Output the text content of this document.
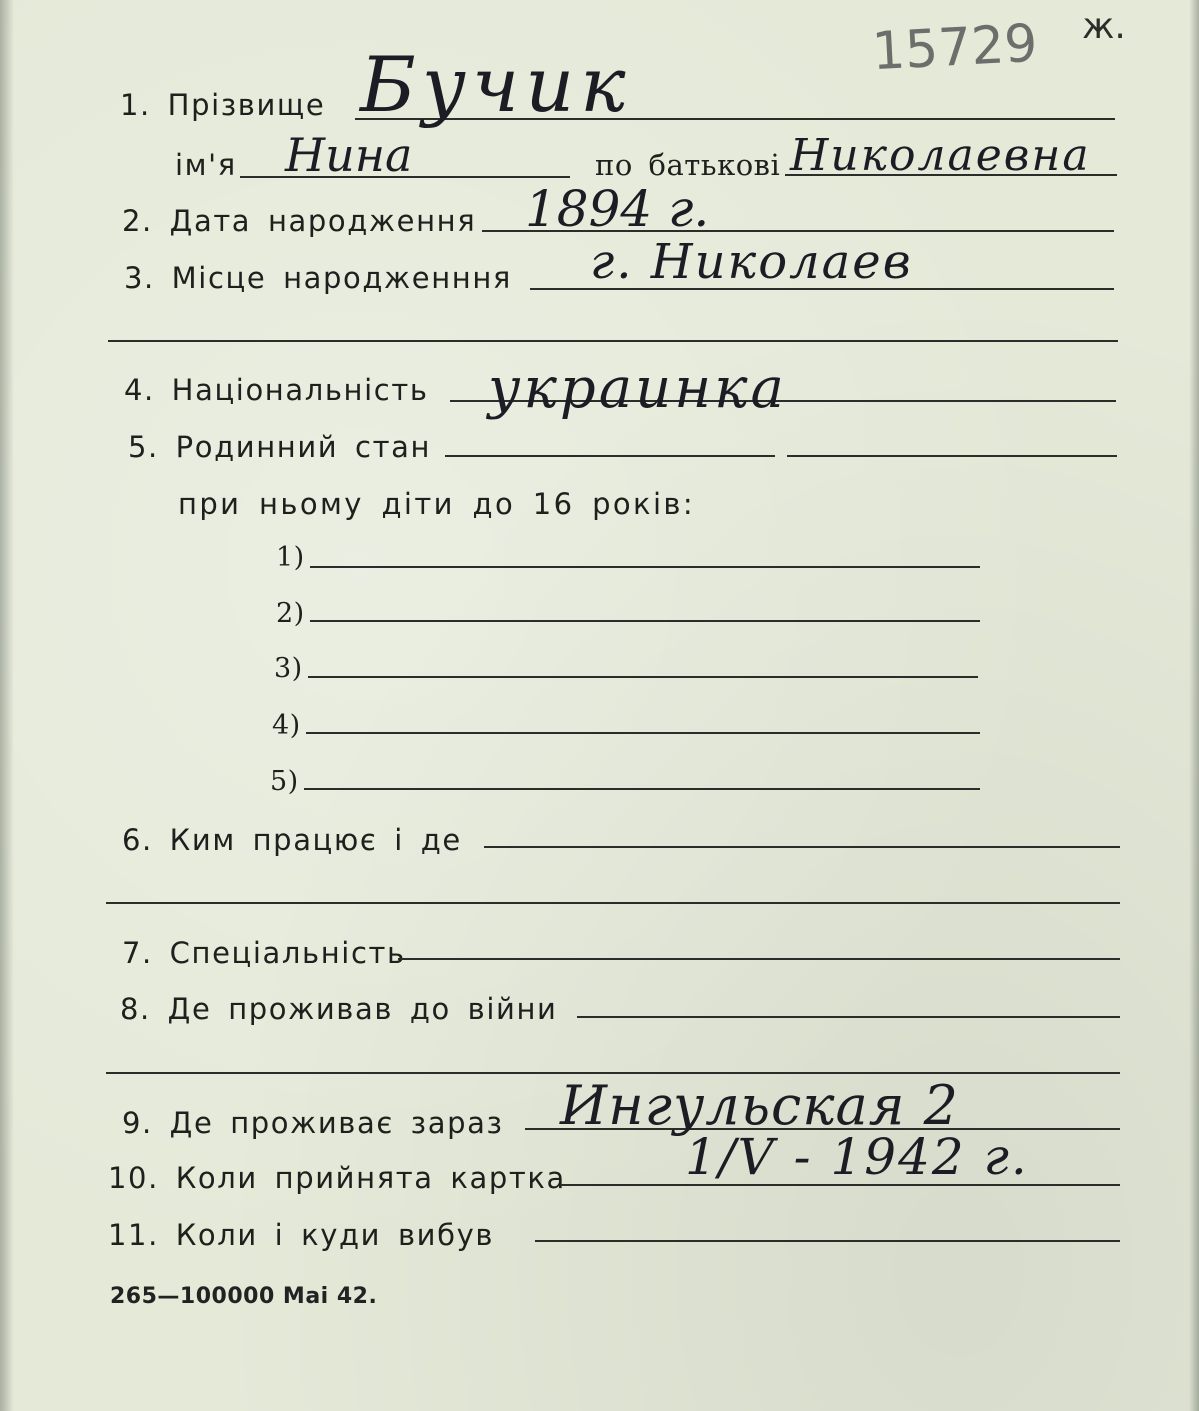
15729 ж.
1. Прізвище Бучик
ім'я Нина	по батькові Николаевна
2. Дата народження 1894 г.
3. Місце народженння г. Николаев
4. Національність украинка
5. Родинний стан
при ньому діти до 16 років:
1)
2)
3)
4)
5)
6. Ким працює і де
7. Спеціальність
8. Де проживав до війни
9. Де проживає зараз Ингульская 2
10. Коли прийнята картка 1/V - 1942 г.
11. Коли і куди вибув
265—100000 Mai 42.
